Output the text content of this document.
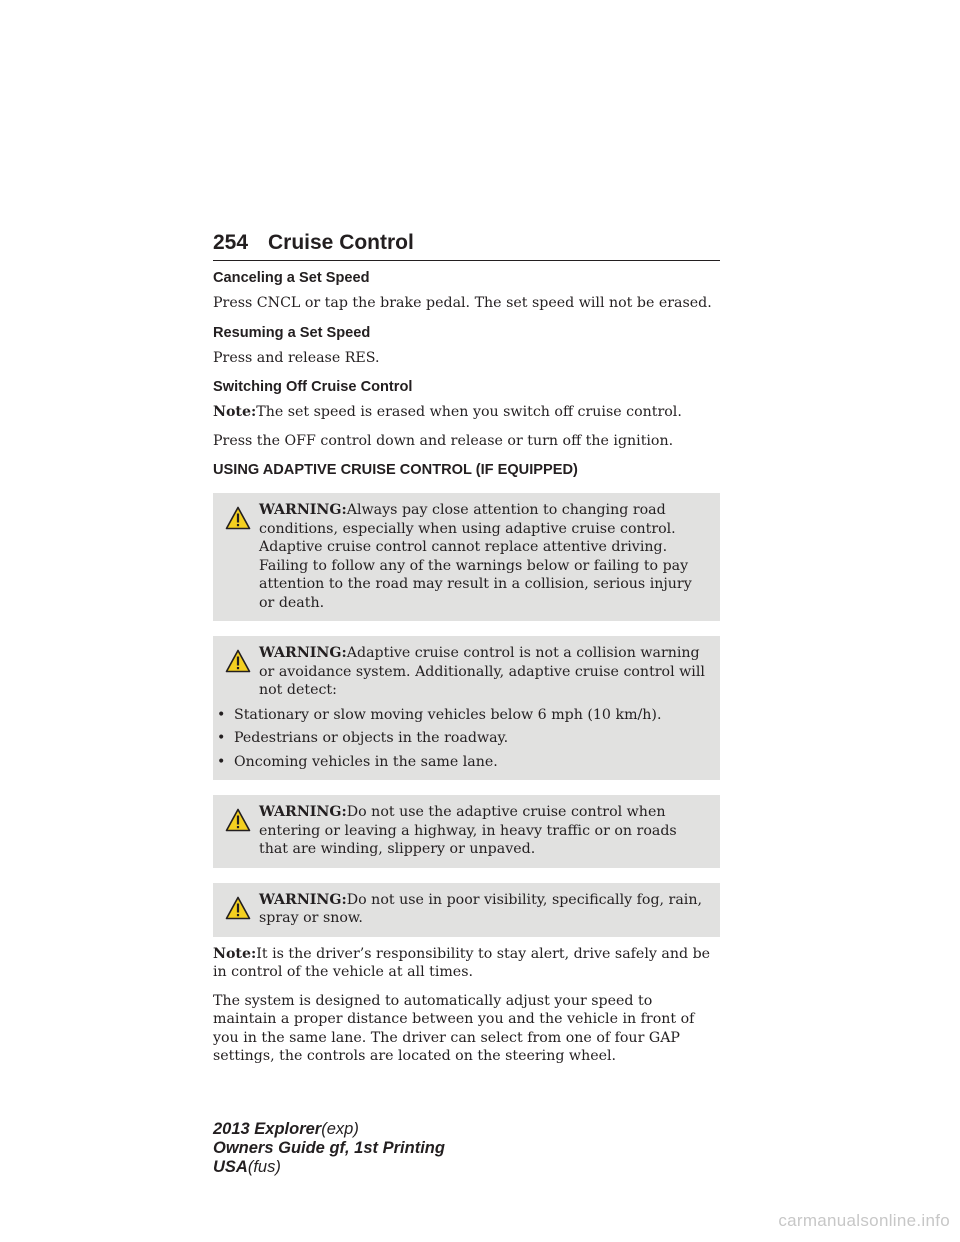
254 Cruise Control
Canceling a Set Speed

Press CNCL or tap the brake pedal. The set speed will not be erased.

Resuming a Set Speed

Press and release RES.

Switching Off Cruise Control

Note:The set speed is erased when you switch off cruise control.

Press the OFF control down and release or turn off the ignition.

USING ADAPTIVE CRUISE CONTROL (IF EQUIPPED)
WARNING:Always pay close attention to changing road conditions, especially when using adaptive cruise control. Adaptive cruise control cannot replace attentive driving. Failing to follow any of the warnings below or failing to pay attention to the road may result in a collision, serious injury or death.
WARNING:Adaptive cruise control is not a collision warning or avoidance system. Additionally, adaptive cruise control will not detect:
• Stationary or slow moving vehicles below 6 mph (10 km/h).
• Pedestrians or objects in the roadway.
• Oncoming vehicles in the same lane.
WARNING:Do not use the adaptive cruise control when entering or leaving a highway, in heavy traffic or on roads that are winding, slippery or unpaved.
WARNING:Do not use in poor visibility, specifically fog, rain, spray or snow.

Note:It is the driver’s responsibility to stay alert, drive safely and be in control of the vehicle at all times.

The system is designed to automatically adjust your speed to maintain a proper distance between you and the vehicle in front of you in the same lane. The driver can select from one of four GAP settings, the controls are located on the steering wheel.

2013 Explorer(exp)
Owners Guide gf, 1st Printing
USA(fus)
carmanualsonline.info
